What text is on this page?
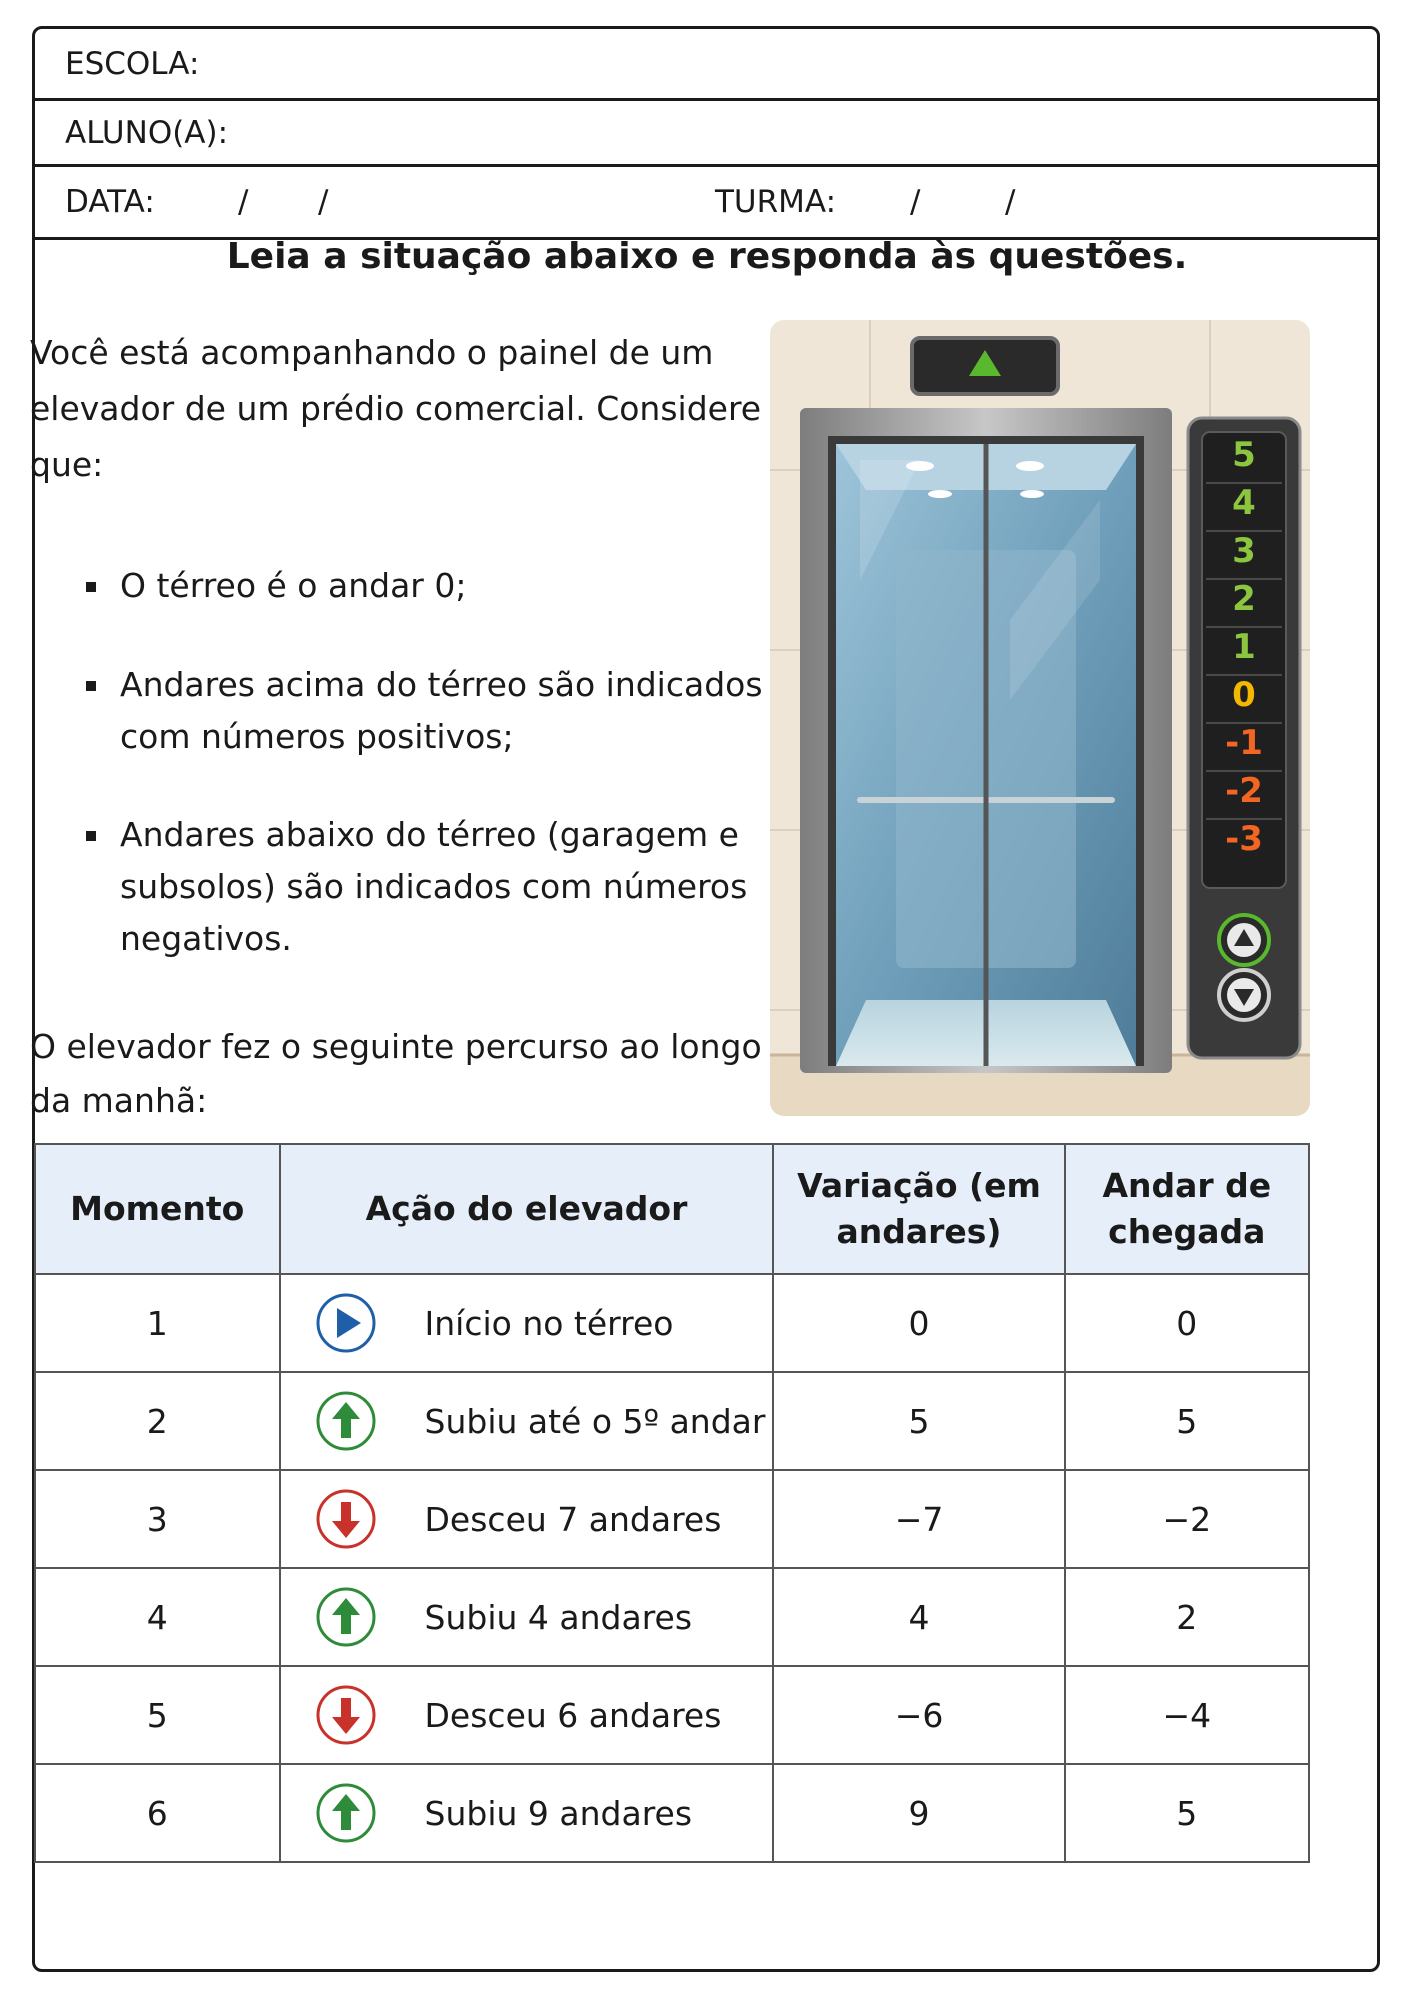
ESCOLA:
ALUNO(A):
DATA:	/ /	TURMA: /	/
Leia a situação abaixo e responda às questões.

Você está acompanhando o painel de um elevador de um prédio comercial. Considere que:

O térreo é o andar 0;
Andares acima do térreo são indicados com números positivos;
Andares abaixo do térreo (garagem e subsolos) são indicados com números negativos.

O elevador fez o seguinte percurso ao longo da manhã:

5
4
3
2
1
0
-1
-2
-3
Momento	Ação do elevador	Variação (em andares)	Andar de chegada
1	Início no térreo	0	0
2	Subiu até o 5º andar	5	5
3	Desceu 7 andares	−7	−2
4	Subiu 4 andares	4	2
5	Desceu 6 andares	−6	−4
6	Subiu 9 andares	9	5
